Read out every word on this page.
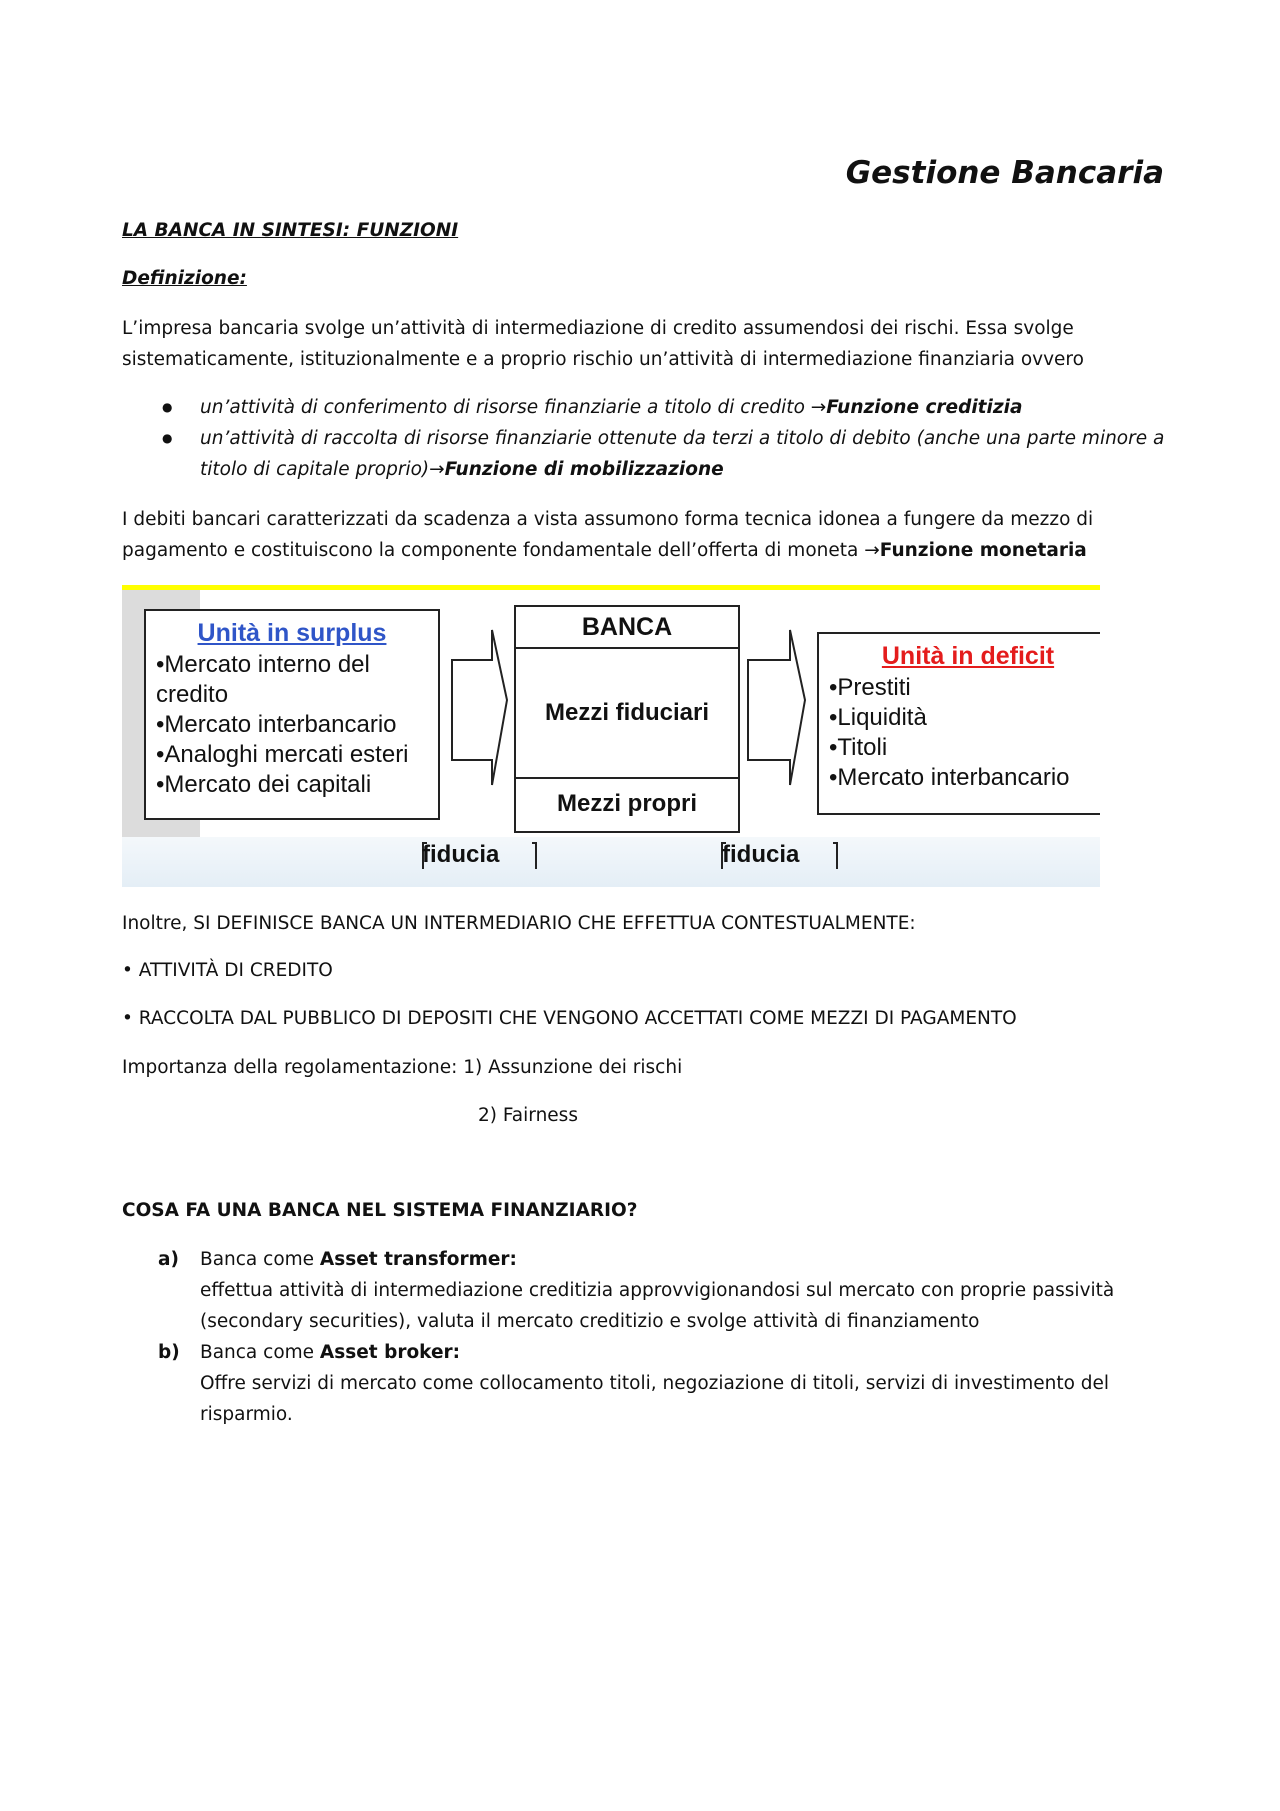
Gestione Bancaria
LA BANCA IN SINTESI: FUNZIONI
Definizione:
L’impresa bancaria svolge un’attività di intermediazione di credito assumendosi dei rischi. Essa svolge sistematicamente, istituzionalmente e a proprio rischio un’attività di intermediazione finanziaria ovvero
● un’attività di conferimento di risorse finanziarie a titolo di credito →Funzione creditizia
● un’attività di raccolta di risorse finanziarie ottenute da terzi a titolo di debito (anche una parte minore a titolo di capitale proprio)→Funzione di mobilizzazione
I debiti bancari caratterizzati da scadenza a vista assumono forma tecnica idonea a fungere da mezzo di pagamento e costituiscono la componente fondamentale dell’offerta di moneta →Funzione monetaria
Unità in surplus
•Mercato interno del credito
•Mercato interbancario
•Analoghi mercati esteri
•Mercato dei capitali
BANCA
Mezzi fiduciari
Mezzi propri
Unità in deficit
•Prestiti
•Liquidità
•Titoli
•Mercato interbancario
fiducia	fiducia
Inoltre, SI DEFINISCE BANCA UN INTERMEDIARIO CHE EFFETTUA CONTESTUALMENTE:
• ATTIVITÀ DI CREDITO
• RACCOLTA DAL PUBBLICO DI DEPOSITI CHE VENGONO ACCETTATI COME MEZZI DI PAGAMENTO
Importanza della regolamentazione: 1) Assunzione dei rischi
2) Fairness
COSA FA UNA BANCA NEL SISTEMA FINANZIARIO?
a) Banca come Asset transformer:
effettua attività di intermediazione creditizia approvvigionandosi sul mercato con proprie passività (secondary securities), valuta il mercato creditizio e svolge attività di finanziamento
b) Banca come Asset broker:
Offre servizi di mercato come collocamento titoli, negoziazione di titoli, servizi di investimento del risparmio.
